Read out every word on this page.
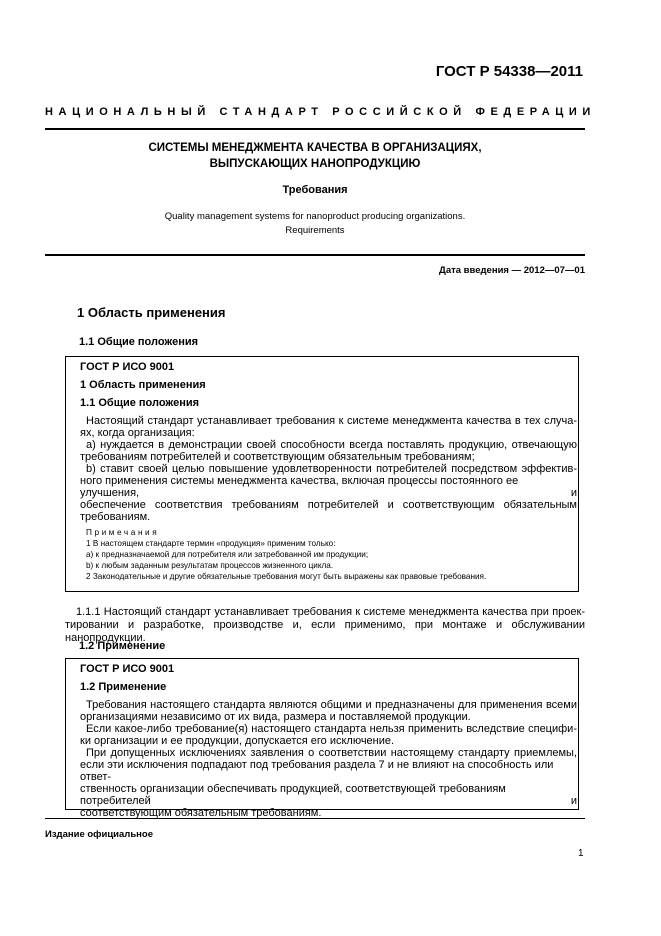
ГОСТ Р 54338—2011
НАЦИОНАЛЬНЫЙ СТАНДАРТ РОССИЙСКОЙ ФЕДЕРАЦИИ
СИСТЕМЫ МЕНЕДЖМЕНТА КАЧЕСТВА В ОРГАНИЗАЦИЯХ,
ВЫПУСКАЮЩИХ НАНОПРОДУКЦИЮ
Требования
Quality management systems for nanoproduct producing organizations.
Requirements
Дата введения — 2012—07—01
1 Область применения
1.1 Общие положения

ГОСТ Р ИСО 9001

1 Область применения

1.1 Общие положения

Настоящий стандарт устанавливает требования к системе менеджмента качества в тех случа-

ях, когда организация:

a) нуждается в демонстрации своей способности всегда поставлять продукцию, отвечающую

требованиям потребителей и соответствующим обязательным требованиям;

b) ставит своей целью повышение удовлетворенности потребителей посредством эффектив-

ного применения системы менеджмента качества, включая процессы постоянного ее улучшения, и

обеспечение соответствия требованиям потребителей и соответствующим обязательным

требованиям.

Примечания
1 В настоящем стандарте термин «продукция» применим только:
a) к предназначаемой для потребителя или затребованной им продукции;
b) к любым заданным результатам процессов жизненного цикла.
2 Законодательные и другие обязательные требования могут быть выражены как правовые требования.
1.1.1 Настоящий стандарт устанавливает требования к системе менеджмента качества при проек-
тировании и разработке, производстве и, если применимо, при монтаже и обслуживании нанопродукции.
1.2 Применение

ГОСТ Р ИСО 9001

1.2 Применение

Требования настоящего стандарта являются общими и предназначены для применения всеми

организациями независимо от их вида, размера и поставляемой продукции.

Если какое-либо требование(я) настоящего стандарта нельзя применить вследствие специфи-

ки организации и ее продукции, допускается его исключение.

При допущенных исключениях заявления о соответствии настоящему стандарту приемлемы,

если эти исключения подпадают под требования раздела 7 и не влияют на способность или ответ-

ственность организации обеспечивать продукцией, соответствующей требованиям потребителей и

соответствующим обязательным требованиям.

Издание официальное
1
